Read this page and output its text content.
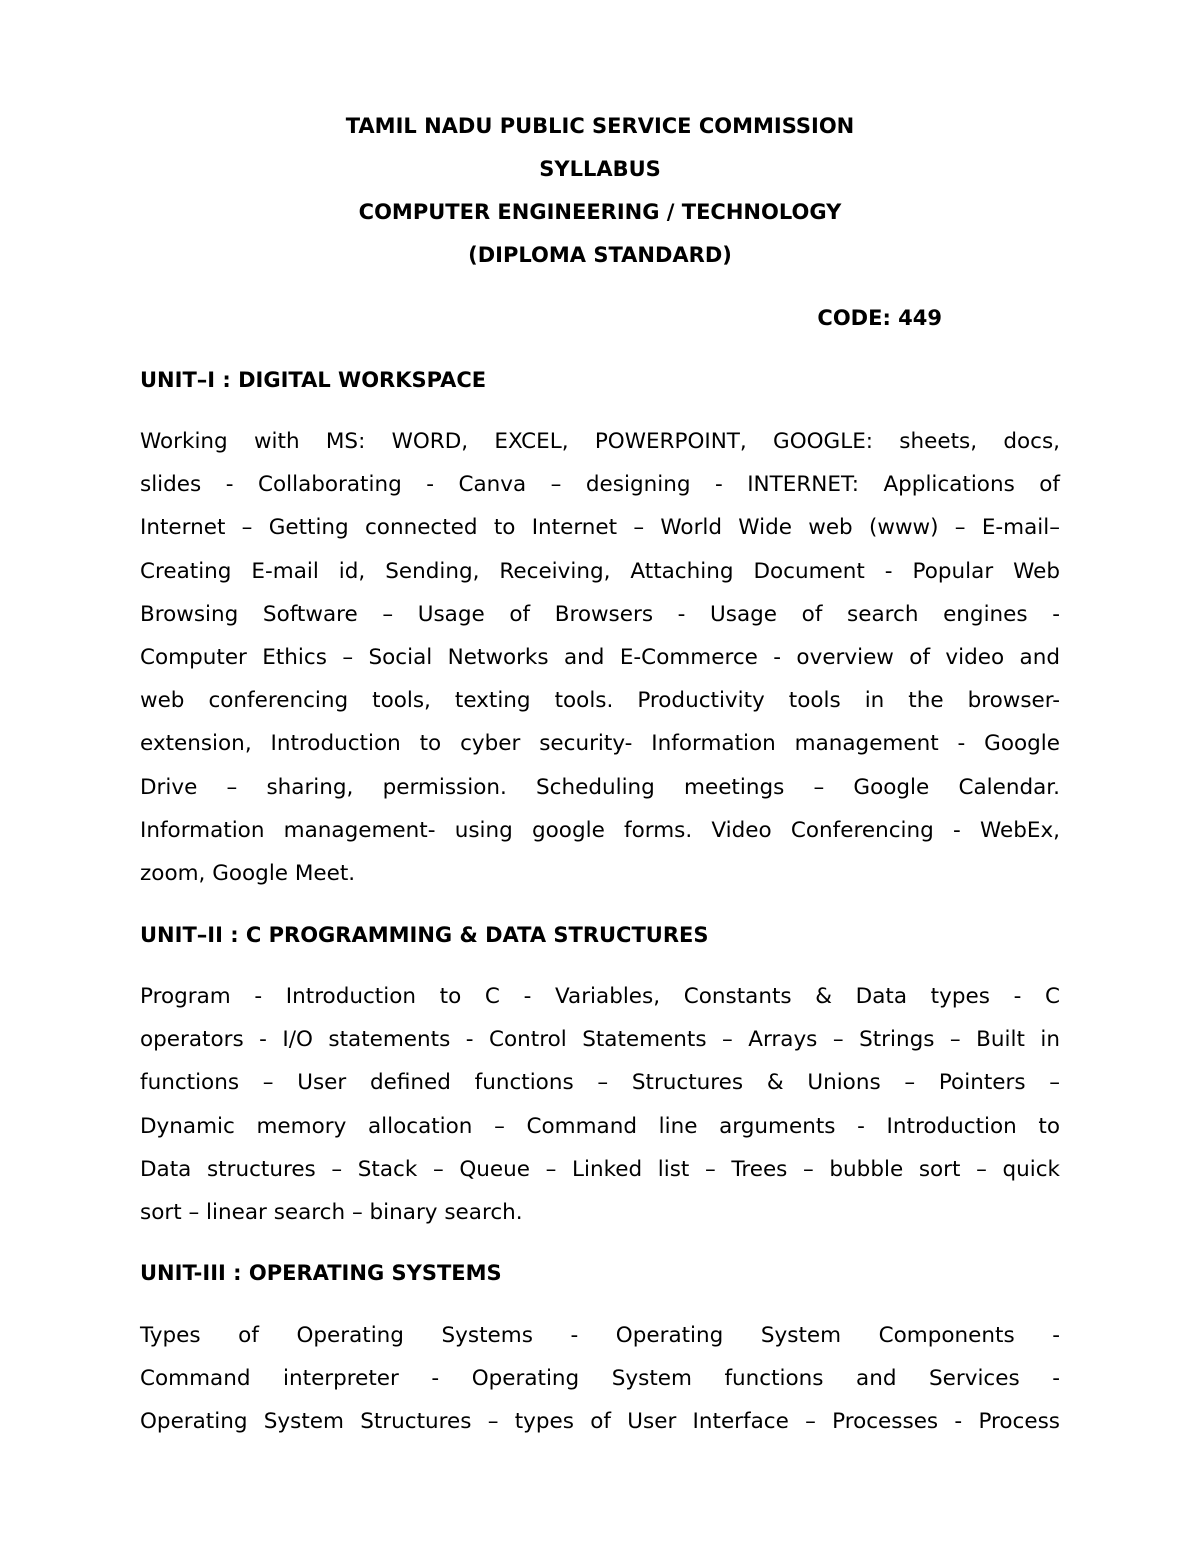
TAMIL NADU PUBLIC SERVICE COMMISSION
SYLLABUS
COMPUTER ENGINEERING / TECHNOLOGY
(DIPLOMA STANDARD)
CODE: 449
UNIT–I : DIGITAL WORKSPACE
Working with MS: WORD, EXCEL, POWERPOINT, GOOGLE: sheets, docs,
slides - Collaborating - Canva – designing - INTERNET: Applications of
Internet – Getting connected to Internet – World Wide web (www) – E-mail–
Creating E-mail id, Sending, Receiving, Attaching Document - Popular Web
Browsing Software – Usage of Browsers - Usage of search engines -
Computer Ethics – Social Networks and E-Commerce - overview of video and
web conferencing tools, texting tools. Productivity tools in the browser-
extension, Introduction to cyber security- Information management - Google
Drive – sharing, permission. Scheduling meetings – Google Calendar.
Information management- using google forms. Video Conferencing - WebEx,
zoom, Google Meet.
UNIT–II : C PROGRAMMING & DATA STRUCTURES
Program - Introduction to C - Variables, Constants & Data types - C
operators - I/O statements - Control Statements – Arrays – Strings – Built in
functions – User defined functions – Structures & Unions – Pointers –
Dynamic memory allocation – Command line arguments - Introduction to
Data structures – Stack – Queue – Linked list – Trees – bubble sort – quick
sort – linear search – binary search.
UNIT-III : OPERATING SYSTEMS
Types of Operating Systems - Operating System Components -
Command interpreter - Operating System functions and Services -
Operating System Structures – types of User Interface – Processes - Process
